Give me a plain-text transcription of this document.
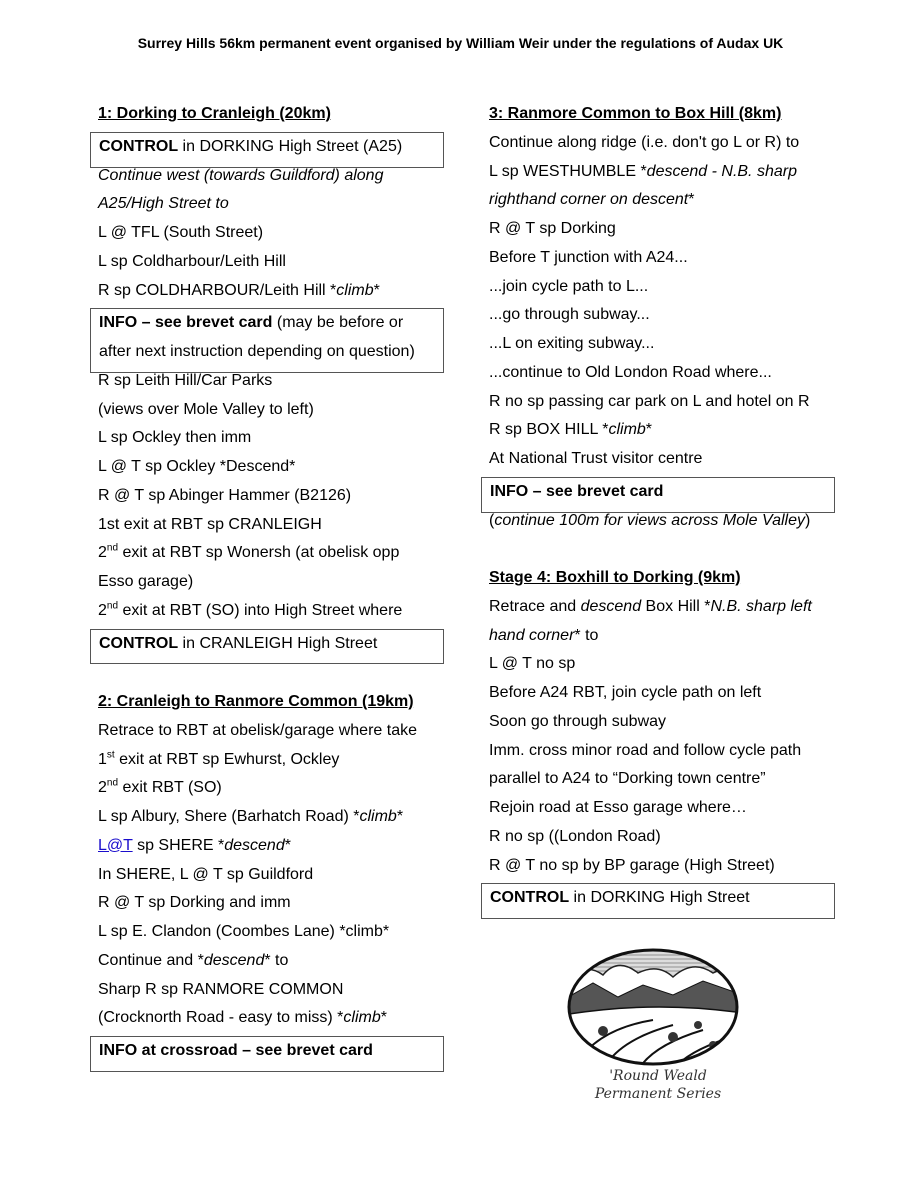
Surrey Hills 56km permanent event organised by William Weir under the regulations of Audax UK
1: Dorking to Cranleigh (20km)
CONTROL in DORKING High Street (A25)
Continue west (towards Guildford) along
A25/High Street to
L @ TFL (South Street)
L sp Coldharbour/Leith Hill
R sp COLDHARBOUR/Leith Hill *climb*
INFO – see brevet card (may be before or
after next instruction depending on question)
R sp Leith Hill/Car Parks
(views over Mole Valley to left)
L sp Ockley then imm
L @ T sp Ockley *Descend*
R @ T sp Abinger Hammer (B2126)
1st exit at RBT sp CRANLEIGH
2nd exit at RBT sp Wonersh (at obelisk opp
Esso garage)
2nd exit at RBT (SO) into High Street where
CONTROL in CRANLEIGH High Street
2: Cranleigh to Ranmore Common (19km)
Retrace to RBT at obelisk/garage where take
1st exit at RBT sp Ewhurst, Ockley
2nd exit RBT (SO)
L sp Albury, Shere (Barhatch Road) *climb*
L@T sp SHERE *descend*
In SHERE, L @ T sp Guildford
R @ T sp Dorking and imm
L sp E. Clandon (Coombes Lane) *climb*
Continue and *descend* to
Sharp R sp RANMORE COMMON
(Crocknorth Road - easy to miss) *climb*
INFO at crossroad – see brevet card
3: Ranmore Common to Box Hill (8km)
Continue along ridge (i.e. don't go L or R) to
L sp WESTHUMBLE *descend - N.B. sharp
righthand corner on descent*
R @ T sp Dorking
Before T junction with A24...
...join cycle path to L...
...go through subway...
...L on exiting subway...
...continue to Old London Road where...
R no sp passing car park on L and hotel on R
R sp BOX HILL *climb*
At National Trust visitor centre
INFO – see brevet card
(continue 100m for views across Mole Valley)
Stage 4: Boxhill to Dorking (9km)
Retrace and descend Box Hill *N.B. sharp left
hand corner* to
L @ T no sp
Before A24 RBT, join cycle path on left
Soon go through subway
Imm. cross minor road and follow cycle path
parallel to A24 to “Dorking town centre”
Rejoin road at Esso garage where…
R no sp ((London Road)
R @ T no sp by BP garage (High Street)
CONTROL in DORKING High Street
'Round Weald
Permanent Series
